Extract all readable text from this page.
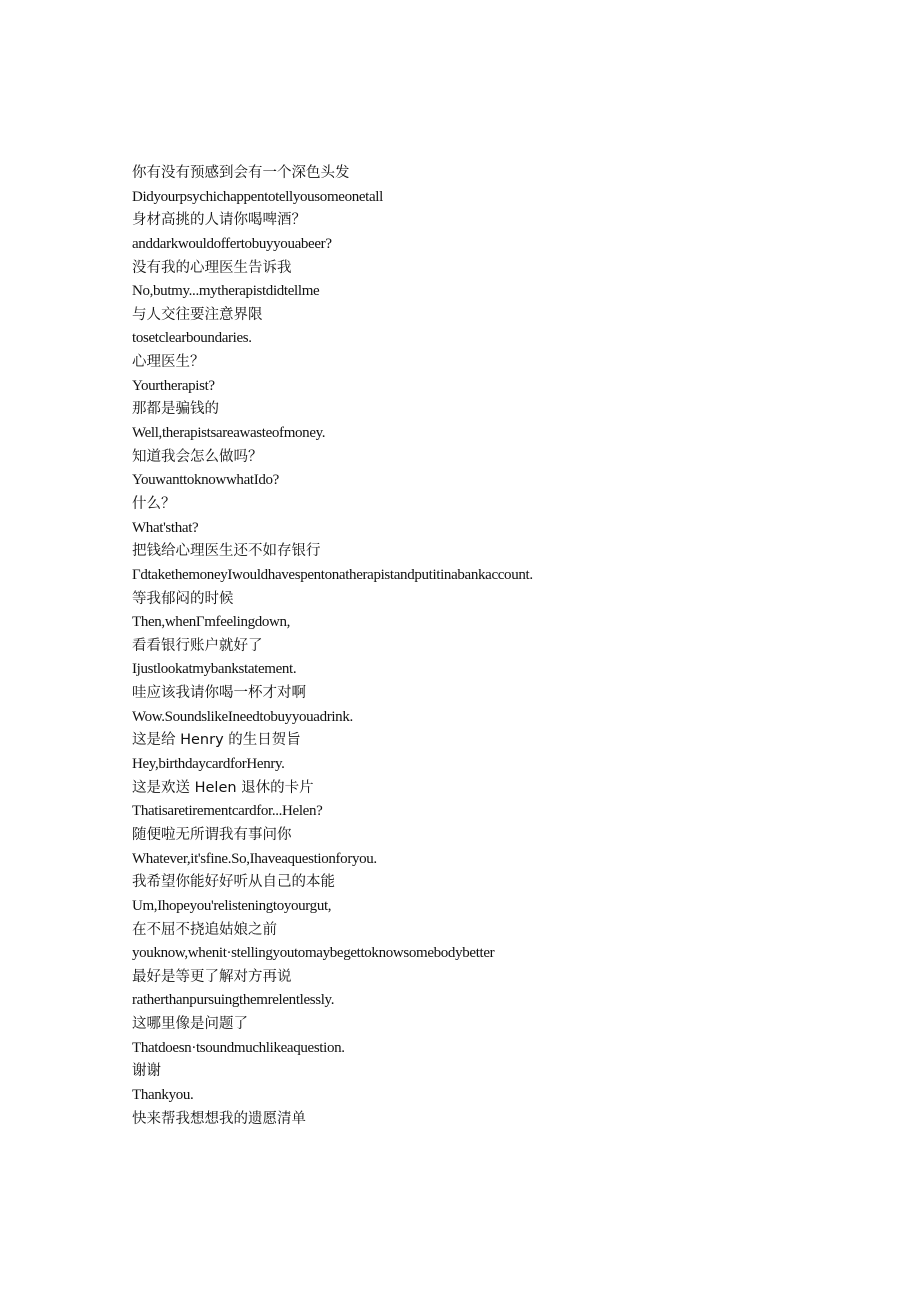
你有没有预感到会有一个深色头发
Didyourpsychichappentotellyousomeonetall
身材高挑的人请你喝啤酒？
anddarkwouldoffertobuyyouabeer?
没有我的心理医生告诉我
No,butmy...mytherapistdidtellme
与人交往要注意界限
tosetclearboundaries.
心理医生？
Yourtherapist?
那都是骗钱的
Well,therapistsareawasteofmoney.
知道我会怎么做吗？
YouwanttoknowwhatIdo?
什么？
What'sthat?
把钱给心理医生还不如存银行
ΓdtakethemoneyIwouldhavespentonatherapistandputitinabankaccount.
等我郁闷的时候
Then,whenΓmfeelingdown,
看看银行账户就好了
Ijustlookatmybankstatement.
哇应该我请你喝一杯才对啊
Wow.SoundslikeIneedtobuyyouadrink.
这是给 Henry 的生日贺旨
Hey,birthdaycardforHenry.
这是欢送 Helen 退休的卡片
Thatisaretirementcardfor...Helen?
随便啦无所谓我有事问你
Whatever,it'sfine.So,Ihaveaquestionforyou.
我希望你能好好听从自己的本能
Um,Ihopeyou'relisteningtoyourgut,
在不屈不挠追姑娘之前
youknow,whenit·stellingyoutomaybegettoknowsomebodybetter
最好是等更了解对方再说
ratherthanpursuingthemrelentlessly.
这哪里像是问题了
Thatdoesn·tsoundmuchlikeaquestion.
谢谢
Thankyou.
快来帮我想想我的遗愿清单
